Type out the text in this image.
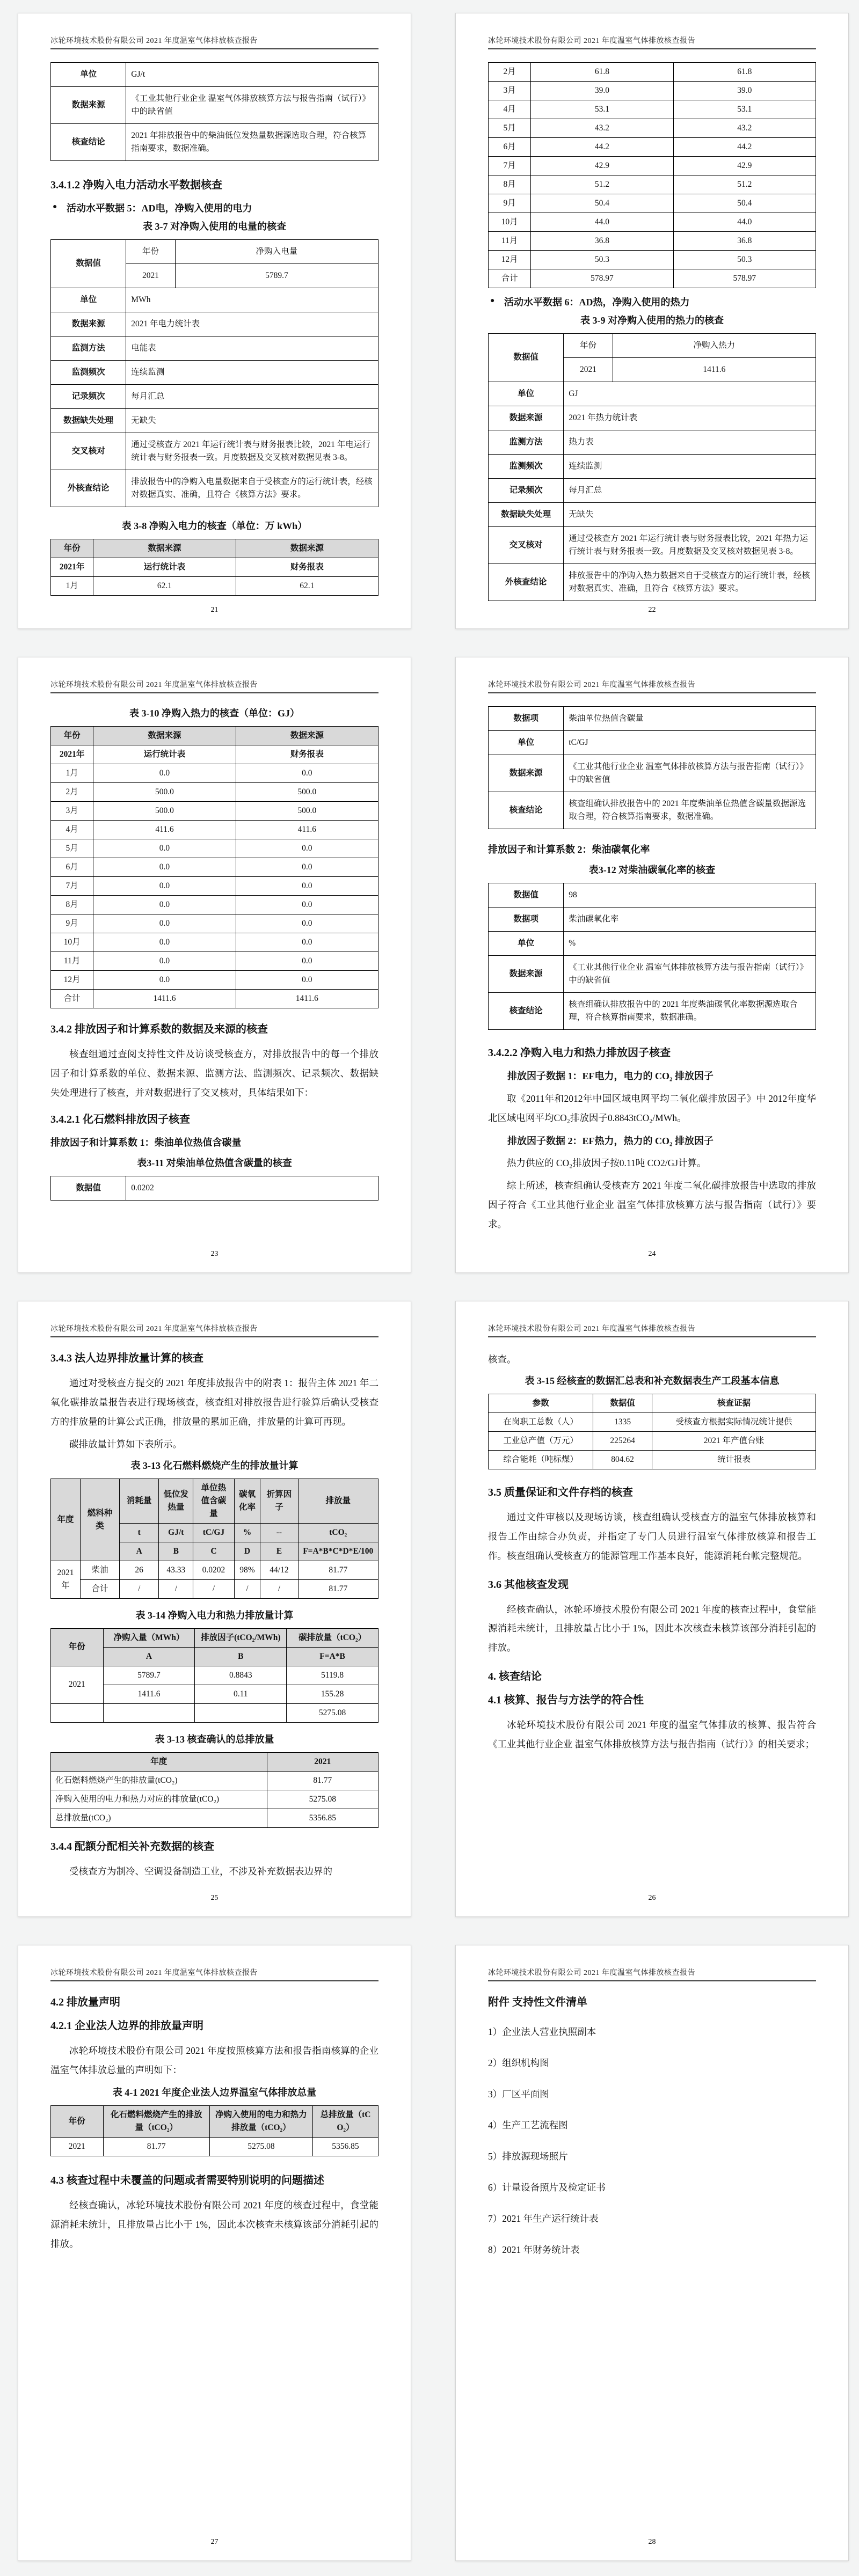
冰轮环境技术股份有限公司 2021 年度温室气体排放核查报告
单位	GJ/t
数据来源	《工业其他行业企业 温室气体排放核算方法与报告指南（试行）》中的缺省值
核查结论	2021 年排放报告中的柴油低位发热量数据源选取合理，符合核算指南要求，数据准确。
3.4.1.2 净购入电力活动水平数据核查
● 活动水平数据 5：AD电，净购入使用的电力
表 3-7 对净购入使用的电量的核查
数据值	年份	净购入电量
	2021	5789.7
单位	MWh	
数据来源	2021 年电力统计表	
监测方法	电能表	
监测频次	连续监测	
记录频次	每月汇总	
数据缺失处理	无缺失	
交叉核对	通过受核查方 2021 年运行统计表与财务报表比较，2021 年电运行统计表与财务报表一致。月度数据及交叉核对数据见表 3-8。	
外核查结论	排放报告中的净购入电量数据来自于受核查方的运行统计表，经核对数据真实、准确，且符合《核算方法》要求。	
表 3-8 净购入电力的核查（单位：万 kWh）
年份	数据来源	数据来源
2021年	运行统计表	财务报表
1月	62.1	62.1
21
冰轮环境技术股份有限公司 2021 年度温室气体排放核查报告
2月	61.8	61.8
3月	39.0	39.0
4月	53.1	53.1
5月	43.2	43.2
6月	44.2	44.2
7月	42.9	42.9
8月	51.2	51.2
9月	50.4	50.4
10月	44.0	44.0
11月	36.8	36.8
12月	50.3	50.3
合计	578.97	578.97
● 活动水平数据 6：AD热，净购入使用的热力
表 3-9 对净购入使用的热力的核查
数据值	年份	净购入热力
	2021	1411.6
单位	GJ	
数据来源	2021 年热力统计表	
监测方法	热力表	
监测频次	连续监测	
记录频次	每月汇总	
数据缺失处理	无缺失	
交叉核对	通过受核查方 2021 年运行统计表与财务报表比较，2021 年热力运行统计表与财务报表一致。月度数据及交叉核对数据见表 3-8。	
外核查结论	排放报告中的净购入热力数据来自于受核查方的运行统计表，经核对数据真实、准确，且符合《核算方法》要求。	
22
冰轮环境技术股份有限公司 2021 年度温室气体排放核查报告
表 3-10 净购入热力的核查（单位：GJ）
年份	数据来源	数据来源
2021年	运行统计表	财务报表
1月	0.0	0.0
2月	500.0	500.0
3月	500.0	500.0
4月	411.6	411.6
5月	0.0	0.0
6月	0.0	0.0
7月	0.0	0.0
8月	0.0	0.0
9月	0.0	0.0
10月	0.0	0.0
11月	0.0	0.0
12月	0.0	0.0
合计	1411.6	1411.6
3.4.2 排放因子和计算系数的数据及来源的核查

核查组通过查阅支持性文件及访谈受核查方，对排放报告中的每一个排放因子和计算系数的单位、数据来源、监测方法、监测频次、记录频次、数据缺失处理进行了核查，并对数据进行了交叉核对，具体结果如下：

3.4.2.1 化石燃料排放因子核查
排放因子和计算系数 1：柴油单位热值含碳量
表3-11 对柴油单位热值含碳量的核查
数据值	0.0202
23
冰轮环境技术股份有限公司 2021 年度温室气体排放核查报告
数据项	柴油单位热值含碳量
单位	tC/GJ
数据来源	《工业其他行业企业 温室气体排放核算方法与报告指南（试行）》中的缺省值
核查结论	核查组确认排放报告中的 2021 年度柴油单位热值含碳量数据源选取合理，符合核算指南要求，数据准确。
排放因子和计算系数 2：柴油碳氧化率
表3-12 对柴油碳氧化率的核查
数据值	98
数据项	柴油碳氧化率
单位	%
数据来源	《工业其他行业企业 温室气体排放核算方法与报告指南（试行）》中的缺省值
核查结论	核查组确认排放报告中的 2021 年度柴油碳氧化率数据源选取合理，符合核算指南要求，数据准确。
3.4.2.2 净购入电力和热力排放因子核查
排放因子数据 1：EF电力，电力的 CO₂ 排放因子

取《2011年和2012年中国区域电网平均二氧化碳排放因子》中 2012年度华北区域电网平均CO₂排放因子0.8843tCO₂/MWh。

排放因子数据 2：EF热力，热力的 CO₂ 排放因子

热力供应的 CO₂排放因子按0.11吨 CO2/GJ计算。

综上所述，核查组确认受核查方 2021 年度二氧化碳排放报告中选取的排放因子符合《工业其他行业企业 温室气体排放核算方法与报告指南（试行）》要求。

24
冰轮环境技术股份有限公司 2021 年度温室气体排放核查报告
3.4.3 法人边界排放量计算的核查

通过对受核查方提交的 2021 年度排放报告中的附表 1：报告主体 2021 年二氧化碳排放量报告表进行现场核查，核查组对排放报告进行验算后确认受核查方的排放量的计算公式正确，排放量的累加正确，排放量的计算可再现。

碳排放量计算如下表所示。

表 3-13 化石燃料燃烧产生的排放量计算
年度	燃料种类	消耗量	低位发热量	单位热值含碳量	碳氧化率	折算因子	排放量
		t	GJ/t	tC/GJ	%	--	tCO₂
		A	B	C	D	E	F=A*B*C*D*E/100
2021年	柴油	26	43.33	0.0202	98%	44/12	81.77
	合计	/	/	/	/	/	81.77
表 3-14 净购入电力和热力排放量计算
年份	净购入量（MWh）	排放因子(tCO₂/MWh)	碳排放量（tCO₂）
	A	B	F=A*B
2021	5789.7	0.8843	5119.8
	1411.6	0.11	155.28
			5275.08
表 3-13 核查确认的总排放量
年度	2021
化石燃料燃烧产生的排放量(tCO₂)	81.77
净购入使用的电力和热力对应的排放量(tCO₂)	5275.08
总排放量(tCO₂)	5356.85
3.4.4 配额分配相关补充数据的核查

受核查方为制冷、空调设备制造工业，不涉及补充数据表边界的

25
冰轮环境技术股份有限公司 2021 年度温室气体排放核查报告

核查。

表 3-15 经核查的数据汇总表和补充数据表生产工段基本信息
参数	数据值	核查证据
在岗职工总数（人）	1335	受核查方根据实际情况统计提供
工业总产值（万元）	225264	2021 年产值台账
综合能耗（吨标煤）	804.62	统计报表
3.5 质量保证和文件存档的核查

通过文件审核以及现场访谈，核查组确认受核查方的温室气体排放核算和报告工作由综合办负责，并指定了专门人员进行温室气体排放核算和报告工作。核查组确认受核查方的能源管理工作基本良好，能源消耗台帐完整规范。

3.6 其他核查发现

经核查确认，冰轮环境技术股份有限公司 2021 年度的核查过程中，食堂能源消耗未统计，且排放量占比小于 1%，因此本次核查未核算该部分消耗引起的排放。

4. 核查结论
4.1 核算、报告与方法学的符合性

冰轮环境技术股份有限公司 2021 年度的温室气体排放的核算、报告符合《工业其他行业企业 温室气体排放核算方法与报告指南（试行）》的相关要求；

26
冰轮环境技术股份有限公司 2021 年度温室气体排放核查报告
4.2 排放量声明
4.2.1 企业法人边界的排放量声明

冰轮环境技术股份有限公司 2021 年度按照核算方法和报告指南核算的企业温室气体排放总量的声明如下：

表 4-1 2021 年度企业法人边界温室气体排放总量
年份	化石燃料燃烧产生的排放量（tCO₂）	净购入使用的电力和热力排放量（tCO₂）	总排放量（tCO₂）
2021	81.77	5275.08	5356.85
4.3 核查过程中未覆盖的问题或者需要特别说明的问题描述

经核查确认，冰轮环境技术股份有限公司 2021 年度的核查过程中，食堂能源消耗未统计，且排放量占比小于 1%，因此本次核查未核算该部分消耗引起的排放。

27
冰轮环境技术股份有限公司 2021 年度温室气体排放核查报告
附件 支持性文件清单
1）企业法人营业执照副本
2）组织机构图
3）厂区平面图
4）生产工艺流程图
5）排放源现场照片
6）计量设备照片及检定证书
7）2021 年生产运行统计表
8）2021 年财务统计表
28
